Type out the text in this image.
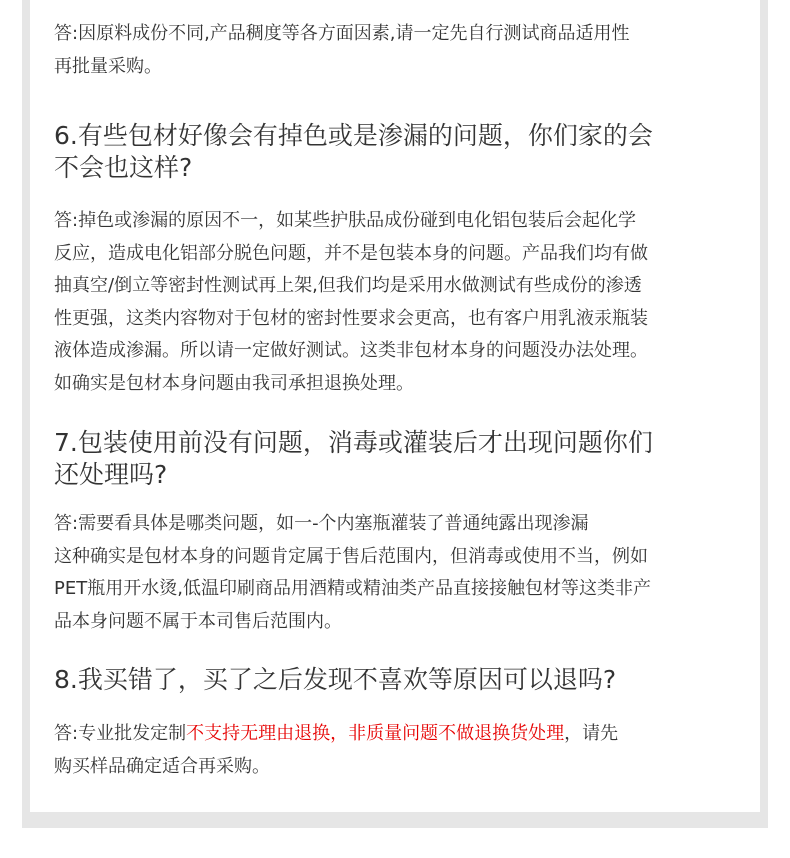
答:因原料成份不同,产品稠度等各方面因素,请一定先自行测试商品适用性
再批量采购。

6.有些包材好像会有掉色或是渗漏的问题，你们家的会
不会也这样?

答:掉色或渗漏的原因不一，如某些护肤品成份碰到电化铝包装后会起化学
反应，造成电化铝部分脱色问题，并不是包装本身的问题。产品我们均有做
抽真空/倒立等密封性测试再上架,但我们均是采用水做测试有些成份的渗透
性更强，这类内容物对于包材的密封性要求会更高，也有客户用乳液汞瓶装
液体造成渗漏。所以请一定做好测试。这类非包材本身的问题没办法处理。
如确实是包材本身问题由我司承担退换处理。

7.包装使用前没有问题，消毒或灌装后才出现问题你们
还处理吗?

答:需要看具体是哪类问题，如一-个内塞瓶灌装了普通纯露出现渗漏
这种确实是包材本身的问题肯定属于售后范围内，但消毒或使用不当，例如
PET瓶用开水烫,低温印刷商品用酒精或精油类产品直接接触包材等这类非产
品本身问题不属于本司售后范围内。

8.我买错了，买了之后发现不喜欢等原因可以退吗?

答:专业批发定制不支持无理由退换，非质量问题不做退换货处理，请先
购买样品确定适合再采购。
